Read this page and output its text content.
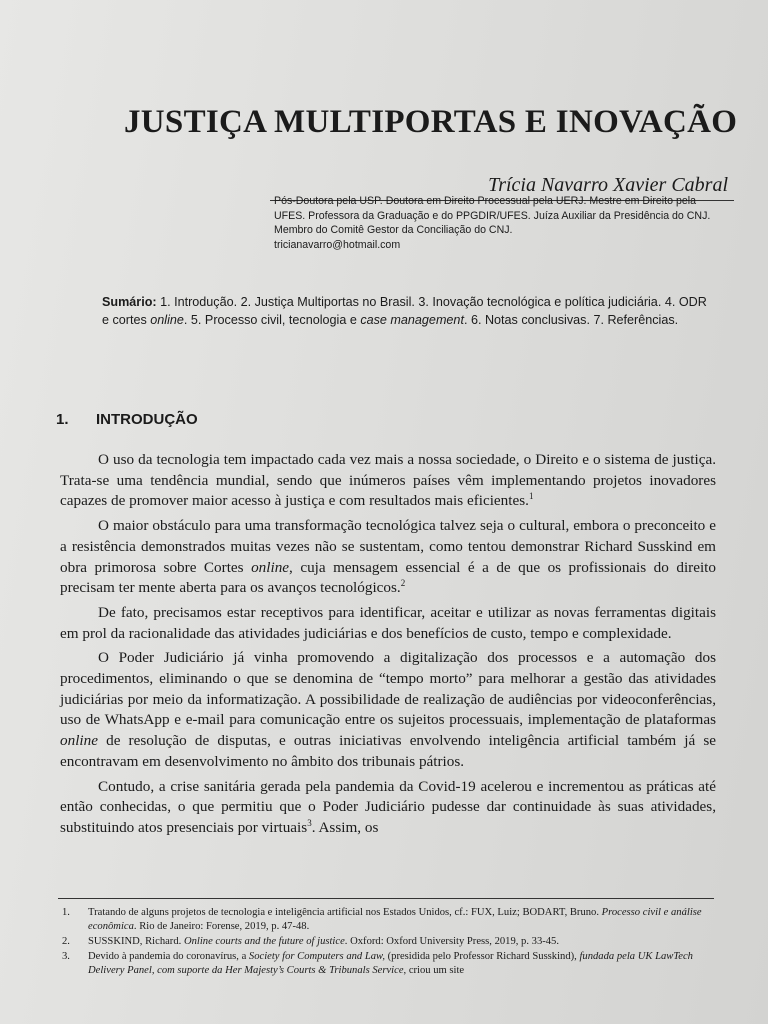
JUSTIÇA MULTIPORTAS E INOVAÇÃO
Trícia Navarro Xavier Cabral

Pós-Doutora pela USP. Doutora em Direito Processual pela UERJ. Mestre em Direito pela UFES. Professora da Graduação e do PPGDIR/UFES. Juíza Auxiliar da Presidência do CNJ. Membro do Comitê Gestor da Conciliação do CNJ.

tricianavarro@hotmail.com

Sumário: 1. Introdução. 2. Justiça Multiportas no Brasil. 3. Inovação tecnológica e política judiciária. 4. ODR e cortes online. 5. Processo civil, tecnologia e case management. 6. Notas conclusivas. 7. Referências.

1. INTRODUÇÃO

O uso da tecnologia tem impactado cada vez mais a nossa sociedade, o Direito e o sistema de justiça. Trata-se uma tendência mundial, sendo que inúmeros países vêm implementando projetos inovadores capazes de promover maior acesso à justiça e com resultados mais eficientes.$^1$

O maior obstáculo para uma transformação tecnológica talvez seja o cultural, embora o preconceito e a resistência demonstrados muitas vezes não se sustentam, como tentou demonstrar Richard Susskind em obra primorosa sobre Cortes online, cuja mensagem essencial é a de que os profissionais do direito precisam ter mente aberta para os avanços tecnológicos.$^2$

De fato, precisamos estar receptivos para identificar, aceitar e utilizar as novas ferramentas digitais em prol da racionalidade das atividades judiciárias e dos benefícios de custo, tempo e complexidade.

O Poder Judiciário já vinha promovendo a digitalização dos processos e a automação dos procedimentos, eliminando o que se denomina de “tempo morto” para melhorar a gestão das atividades judiciárias por meio da informatização. A possibilidade de realização de audiências por videoconferências, uso de WhatsApp e e-mail para comunicação entre os sujeitos processuais, implementação de plataformas online de resolução de disputas, e outras iniciativas envolvendo inteligência artificial também já se encontravam em desenvolvimento no âmbito dos tribunais pátrios.

Contudo, a crise sanitária gerada pela pandemia da Covid-19 acelerou e incrementou as práticas até então conhecidas, o que permitiu que o Poder Judiciário pudesse dar continuidade às suas atividades, substituindo atos presenciais por virtuais$^3$. Assim, os

1.	Tratando de alguns projetos de tecnologia e inteligência artificial nos Estados Unidos, cf.: FUX, Luiz; BODART, Bruno. Processo civil e análise econômica. Rio de Janeiro: Forense, 2019, p. 47-48.
2.	SUSSKIND, Richard. Online courts and the future of justice. Oxford: Oxford University Press, 2019, p. 33-45.
3.	Devido à pandemia do coronavírus, a Society for Computers and Law, (presidida pelo Professor Richard Susskind), fundada pela UK LawTech Delivery Panel, com suporte da Her Majesty’s Courts & Tribunals Service, criou um site
